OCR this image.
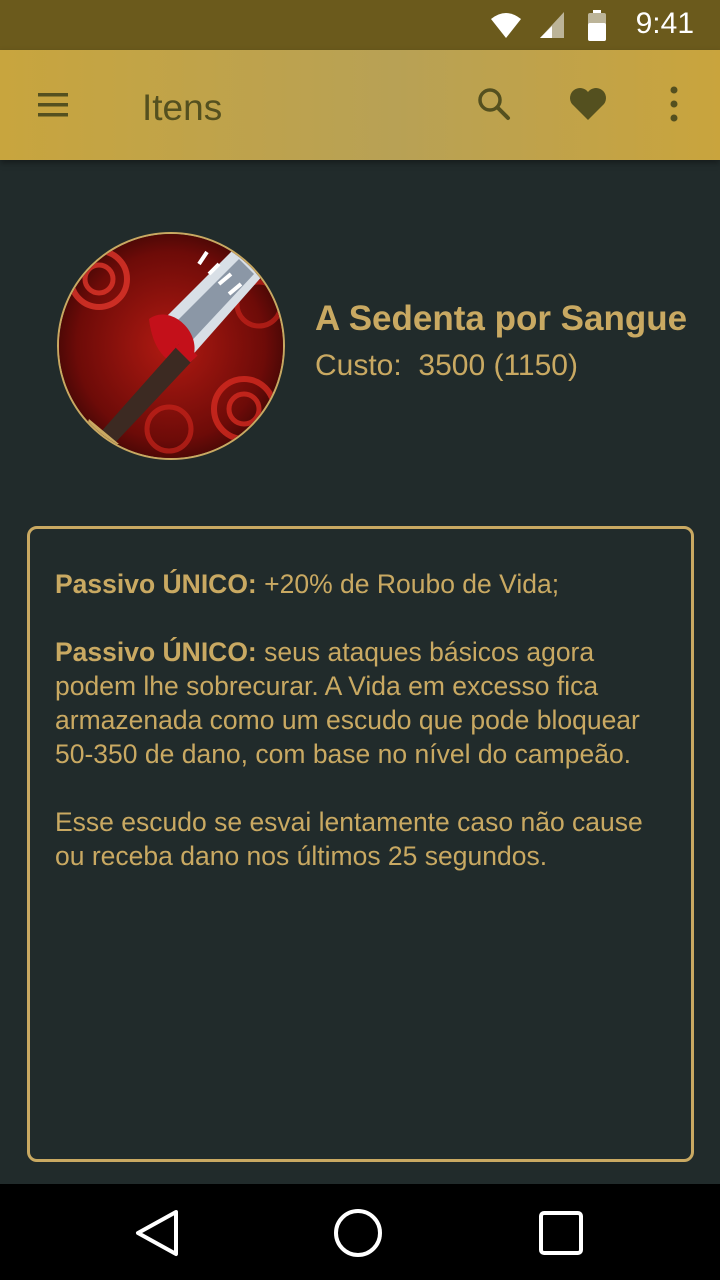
9:41
Itens
A Sedenta por Sangue
Custo: 3500 (1150)

Passivo ÚNICO: +20% de Roubo de Vida;

Passivo ÚNICO: seus ataques básicos agora podem lhe sobrecurar. A Vida em excesso fica armazenada como um escudo que pode bloquear 50-350 de dano, com base no nível do campeão.

Esse escudo se esvai lentamente caso não cause ou receba dano nos últimos 25 segundos.
